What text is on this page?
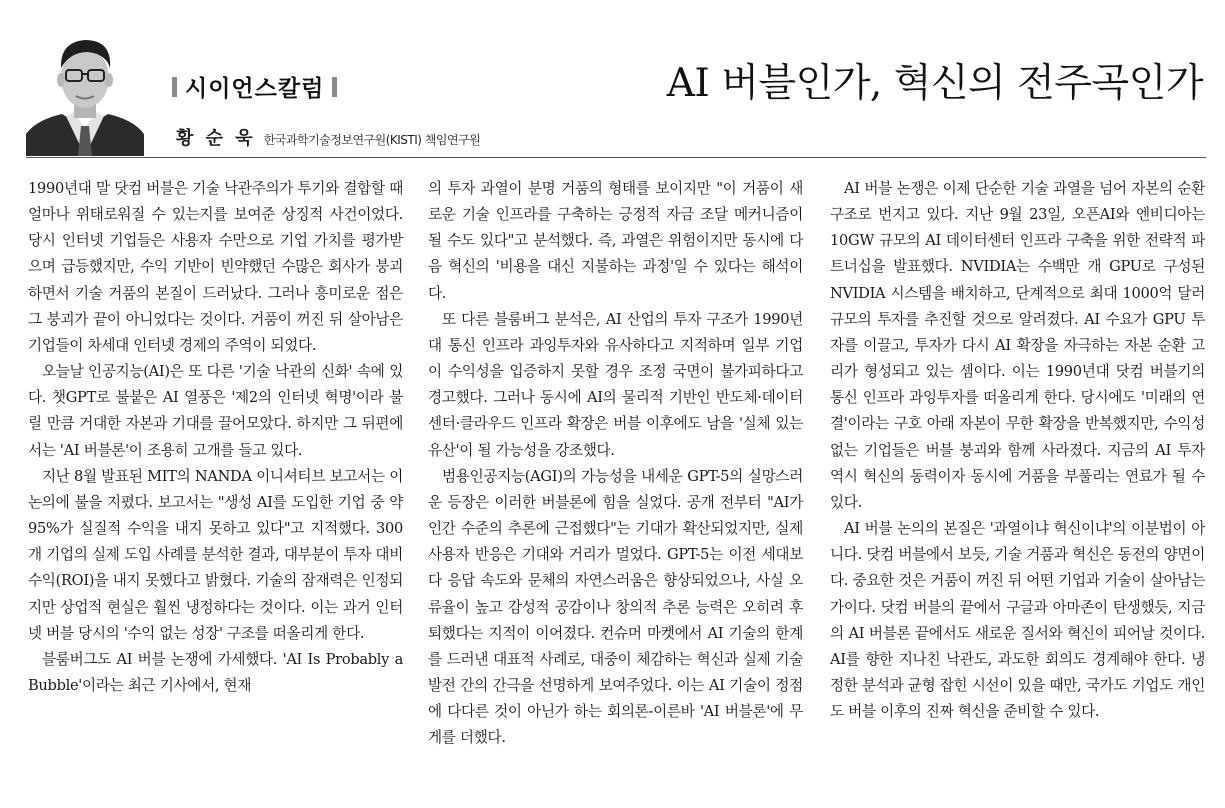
시이언스칼럼
황 순 욱 한국과학기술정보연구원(KISTI) 책임연구원
AI 버블인가, 혁신의 전주곡인가

1990년대 말 닷컴 버블은 기술 낙관주의가 투기와 결합할 때 얼마나 위태로워질 수 있는지를 보여준 상징적 사건이었다. 당시 인터넷 기업들은 사용자 수만으로 기업 가치를 평가받으며 급등했지만, 수익 기반이 빈약했던 수많은 회사가 붕괴하면서 기술 거품의 본질이 드러났다. 그러나 흥미로운 점은 그 붕괴가 끝이 아니었다는 것이다. 거품이 꺼진 뒤 살아남은 기업들이 차세대 인터넷 경제의 주역이 되었다.

오늘날 인공지능(AI)은 또 다른 '기술 낙관의 신화' 속에 있다. 챗GPT로 불붙은 AI 열풍은 '제2의 인터넷 혁명'이라 불릴 만큼 거대한 자본과 기대를 끌어모았다. 하지만 그 뒤편에서는 'AI 버블론'이 조용히 고개를 들고 있다.

지난 8월 발표된 MIT의 NANDA 이니셔티브 보고서는 이 논의에 불을 지폈다. 보고서는 "생성 AI를 도입한 기업 중 약 95%가 실질적 수익을 내지 못하고 있다"고 지적했다. 300개 기업의 실제 도입 사례를 분석한 결과, 대부분이 투자 대비 수익(ROI)을 내지 못했다고 밝혔다. 기술의 잠재력은 인정되지만 상업적 현실은 훨씬 냉정하다는 것이다. 이는 과거 인터넷 버블 당시의 '수익 없는 성장' 구조를 떠올리게 한다.

블룸버그도 AI 버블 논쟁에 가세했다. 'AI Is Probably a Bubble'이라는 최근 기사에서, 현재

의 투자 과열이 분명 거품의 형태를 보이지만 "이 거품이 새로운 기술 인프라를 구축하는 긍정적 자금 조달 메커니즘이 될 수도 있다"고 분석했다. 즉, 과열은 위험이지만 동시에 다음 혁신의 '비용을 대신 지불하는 과정'일 수 있다는 해석이다.

또 다른 블룸버그 분석은, AI 산업의 투자 구조가 1990년대 통신 인프라 과잉투자와 유사하다고 지적하며 일부 기업이 수익성을 입증하지 못할 경우 조정 국면이 불가피하다고 경고했다. 그러나 동시에 AI의 물리적 기반인 반도체·데이터센터·클라우드 인프라 확장은 버블 이후에도 남을 '실체 있는 유산'이 될 가능성을 강조했다.

범용인공지능(AGI)의 가능성을 내세운 GPT-5의 실망스러운 등장은 이러한 버블론에 힘을 실었다. 공개 전부터 "AI가 인간 수준의 추론에 근접했다"는 기대가 확산되었지만, 실제 사용자 반응은 기대와 거리가 멀었다. GPT-5는 이전 세대보다 응답 속도와 문체의 자연스러움은 향상되었으나, 사실 오류율이 높고 감성적 공감이나 창의적 추론 능력은 오히려 후퇴했다는 지적이 이어졌다. 컨슈머 마켓에서 AI 기술의 한계를 드러낸 대표적 사례로, 대중이 체감하는 혁신과 실제 기술 발전 간의 간극을 선명하게 보여주었다. 이는 AI 기술이 정점에 다다른 것이 아닌가 하는 회의론-이른바 'AI 버블론'에 무게를 더했다.

AI 버블 논쟁은 이제 단순한 기술 과열을 넘어 자본의 순환 구조로 번지고 있다. 지난 9월 23일, 오픈AI와 엔비디아는 10GW 규모의 AI 데이터센터 인프라 구축을 위한 전략적 파트너십을 발표했다. NVIDIA는 수백만 개 GPU로 구성된 NVIDIA 시스템을 배치하고, 단계적으로 최대 1000억 달러 규모의 투자를 추진할 것으로 알려졌다. AI 수요가 GPU 투자를 이끌고, 투자가 다시 AI 확장을 자극하는 자본 순환 고리가 형성되고 있는 셈이다. 이는 1990년대 닷컴 버블기의 통신 인프라 과잉투자를 떠올리게 한다. 당시에도 '미래의 연결'이라는 구호 아래 자본이 무한 확장을 반복했지만, 수익성 없는 기업들은 버블 붕괴와 함께 사라졌다. 지금의 AI 투자 역시 혁신의 동력이자 동시에 거품을 부풀리는 연료가 될 수 있다.

AI 버블 논의의 본질은 '과열이냐 혁신이냐'의 이분법이 아니다. 닷컴 버블에서 보듯, 기술 거품과 혁신은 동전의 양면이다. 중요한 것은 거품이 꺼진 뒤 어떤 기업과 기술이 살아남는가이다. 닷컴 버블의 끝에서 구글과 아마존이 탄생했듯, 지금의 AI 버블론 끝에서도 새로운 질서와 혁신이 피어날 것이다. AI를 향한 지나친 낙관도, 과도한 회의도 경계해야 한다. 냉정한 분석과 균형 잡힌 시선이 있을 때만, 국가도 기업도 개인도 버블 이후의 진짜 혁신을 준비할 수 있다.
